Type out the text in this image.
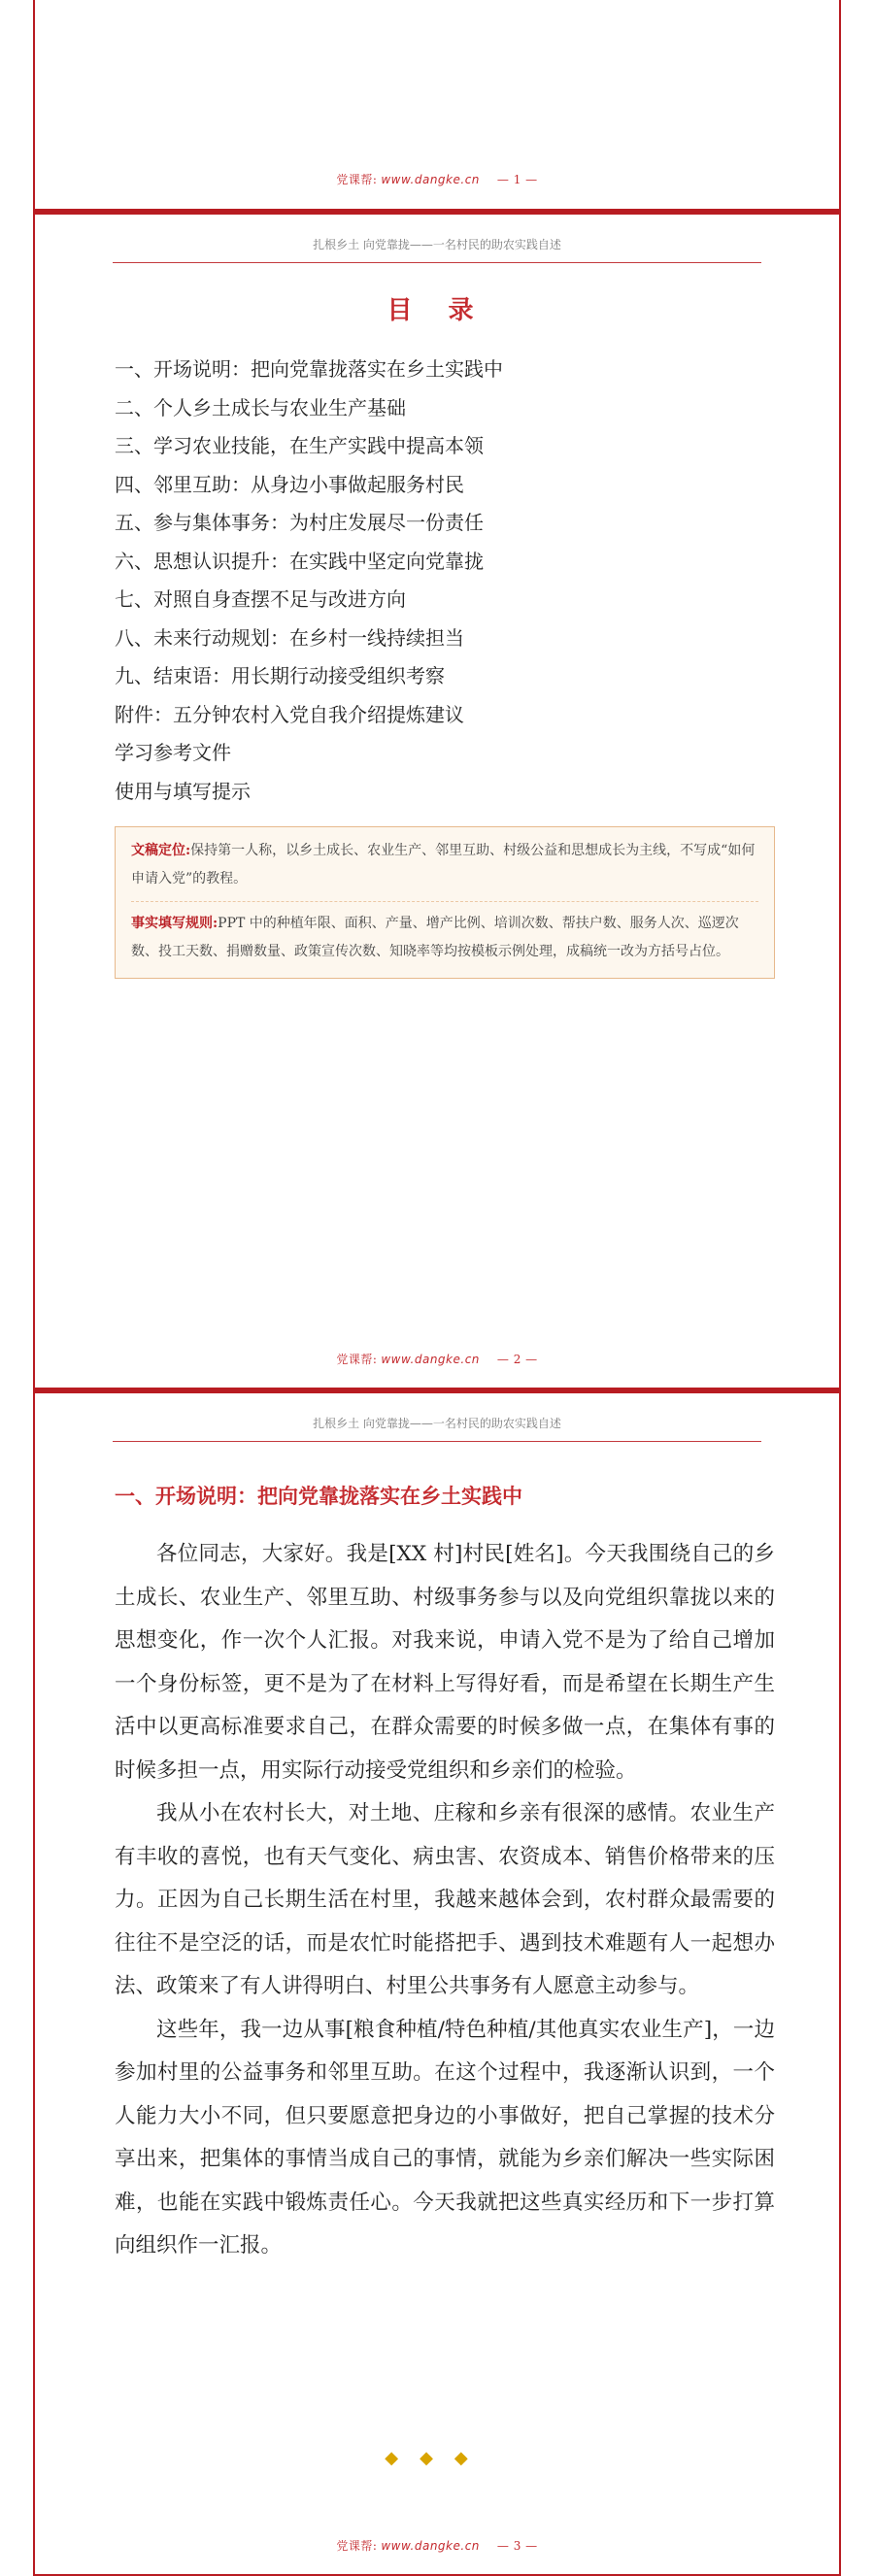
党课帮: www.dangke.cn — 1 —
扎根乡土 向党靠拢——一名村民的助农实践自述
目 录
一、开场说明：把向党靠拢落实在乡土实践中
二、个人乡土成长与农业生产基础
三、学习农业技能，在生产实践中提高本领
四、邻里互助：从身边小事做起服务村民
五、参与集体事务：为村庄发展尽一份责任
六、思想认识提升：在实践中坚定向党靠拢
七、对照自身查摆不足与改进方向
八、未来行动规划：在乡村一线持续担当
九、结束语：用长期行动接受组织考察
附件：五分钟农村入党自我介绍提炼建议
学习参考文件
使用与填写提示
文稿定位:保持第一人称，以乡土成长、农业生产、邻里互助、村级公益和思想成长为主线，不写成“如何申请入党”的教程。
事实填写规则:PPT 中的种植年限、面积、产量、增产比例、培训次数、帮扶户数、服务人次、巡逻次数、投工天数、捐赠数量、政策宣传次数、知晓率等均按模板示例处理，成稿统一改为方括号占位。
党课帮: www.dangke.cn — 2 —
扎根乡土 向党靠拢——一名村民的助农实践自述
一、开场说明：把向党靠拢落实在乡土实践中

各位同志，大家好。我是[XX 村]村民[姓名]。今天我围绕自己的乡土成长、农业生产、邻里互助、村级事务参与以及向党组织靠拢以来的思想变化，作一次个人汇报。对我来说，申请入党不是为了给自己增加一个身份标签，更不是为了在材料上写得好看，而是希望在长期生产生活中以更高标准要求自己，在群众需要的时候多做一点，在集体有事的时候多担一点，用实际行动接受党组织和乡亲们的检验。

我从小在农村长大，对土地、庄稼和乡亲有很深的感情。农业生产有丰收的喜悦，也有天气变化、病虫害、农资成本、销售价格带来的压力。正因为自己长期生活在村里，我越来越体会到，农村群众最需要的往往不是空泛的话，而是农忙时能搭把手、遇到技术难题有人一起想办法、政策来了有人讲得明白、村里公共事务有人愿意主动参与。

这些年，我一边从事[粮食种植/特色种植/其他真实农业生产]，一边参加村里的公益事务和邻里互助。在这个过程中，我逐渐认识到，一个人能力大小不同，但只要愿意把身边的小事做好，把自己掌握的技术分享出来，把集体的事情当成自己的事情，就能为乡亲们解决一些实际困难，也能在实践中锻炼责任心。今天我就把这些真实经历和下一步打算向组织作一汇报。

◆◆◆
党课帮: www.dangke.cn — 3 —
